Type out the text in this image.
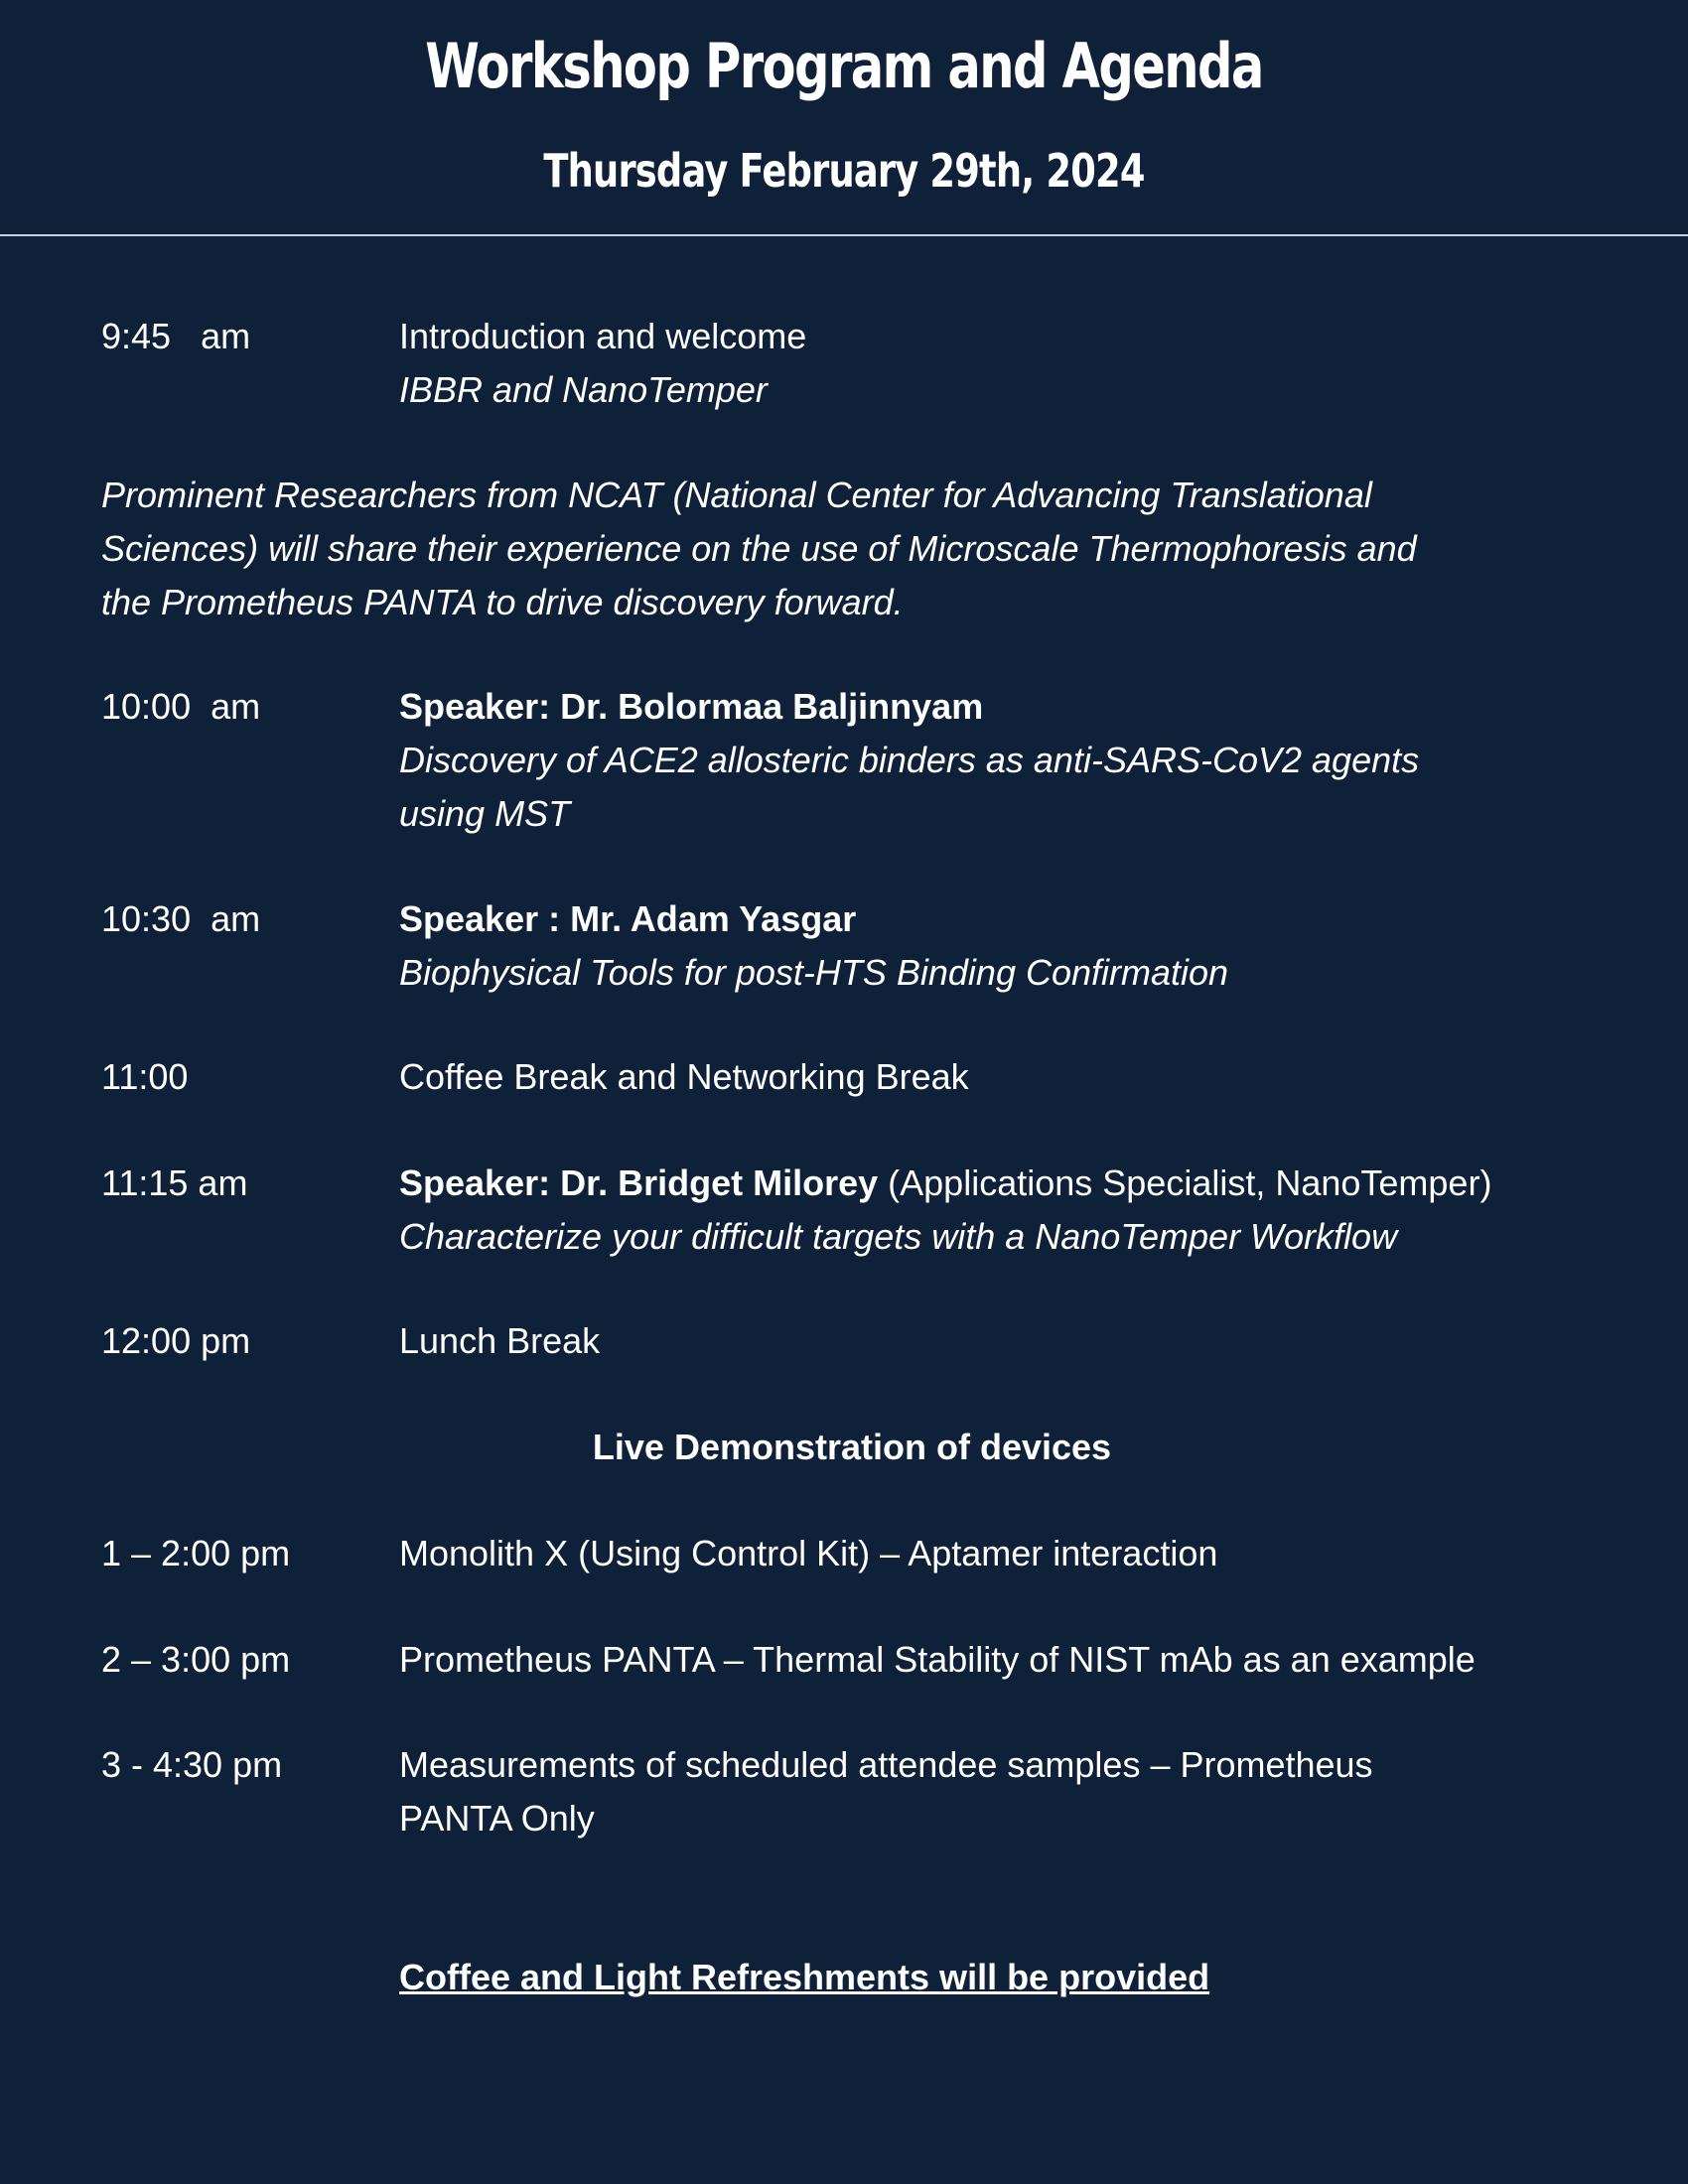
Workshop Program and Agenda
Thursday February 29th, 2024
9:45   am	Introduction and welcome
IBBR and NanoTemper
Prominent Researchers from NCAT (National Center for Advancing Translational
Sciences) will share their experience on the use of Microscale Thermophoresis and
the Prometheus PANTA to drive discovery forward.
10:00  am	Speaker: Dr. Bolormaa Baljinnyam
Discovery of ACE2 allosteric binders as anti-SARS-CoV2 agents
using MST
10:30  am	Speaker : Mr. Adam Yasgar
Biophysical Tools for post-HTS Binding Confirmation
11:00	Coffee Break and Networking Break
11:15 am	Speaker: Dr. Bridget Milorey (Applications Specialist, NanoTemper)
Characterize your difficult targets with a NanoTemper Workflow
12:00 pm	Lunch Break
Live Demonstration of devices
1 – 2:00 pm	Monolith X (Using Control Kit) – Aptamer interaction
2 – 3:00 pm	Prometheus PANTA – Thermal Stability of NIST mAb as an example
3 - 4:30 pm	Measurements of scheduled attendee samples – Prometheus
PANTA Only
Coffee and Light Refreshments will be provided
